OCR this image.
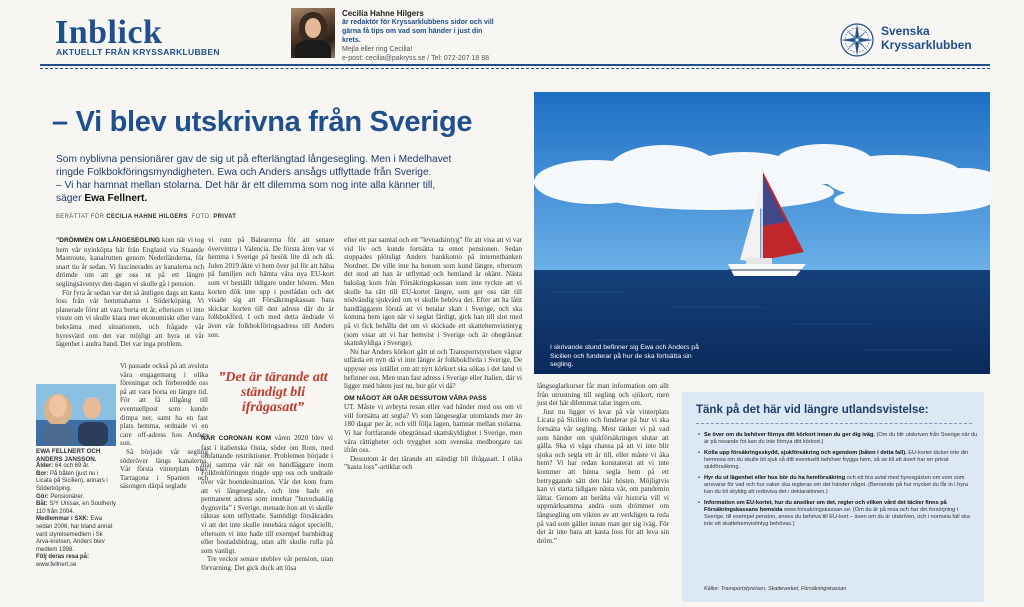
Inblick
AKTUELLT FRÅN KRYSSARKLUBBEN
Cecilia Hahne Hilgers
är redaktör för Kryssarklubbens sidor och vill
gärna få tips om vad som händer i just din krets.
Mejla eller ring Cecilia!
e-post: cecilia@pakryss.se / Tel: 072-207 18 88
Svenska
Kryssarklubben
– Vi blev utskrivna från Sverige
Som nyblivna pensionärer gav de sig ut på efterlängtad långesegling. Men i Medelhavet
ringde Folkbokföringsmyndigheten. Ewa och Anders ansågs utflyttade från Sverige.
– Vi har hamnat mellan stolarna. Det här är ett dilemma som nog inte alla känner till,
säger Ewa Fellnert.
BERÄTTAT FÖR CECILIA HAHNE HILGERS FOTO: PRIVAT
I skrivande stund befinner sig Ewa och Anders på Sicilien och funderar på hur de ska fortsätta sin segling.

”DRÖMMEN OM LÅNGESEGLING kom när vi tog hem vår nyinköpta båt från England via Staande Mastroute, kanalrutten genom Nederländerna, för snart tio år sedan. Vi fascinerades av kanalerna och drömde om att ge oss ut på ett längre seglingsäventyr den dagen vi skulle gå i pension.

För fyra år sedan var det så äntligen dags att kasta loss från vår hemmahamn i Söderköping. Vi planerade först att vara borta ett år, eftersom vi inte visste om vi skulle klara mer ekonomiskt eller vara bekväma med situationen, och frågade vår hyresvärd om det var möjligt att hyra ut vår lägenhet i andra hand. Det var inga problem.

EWA FELLNERT OCH ANDERS JANSSON.
Ålder: 64 och 69 år.
Bor: På båten (just nu i Licata på Sicilien), annars i Söderköping.
Gör: Pensionärer.
Båt: S/Y Unisax, en Southerly 110 från 2004.
Medlemmar i SXK: Ewa sedan 2006, har bland annat varit styrelsemedlem i Sk Arva-kretsen, Anders blev medlem 1998.
Följ deras resa på:
www.fellnert.se

Vi passade också på att avsluta våra engagemang i olika föreningar och förberedde oss på att vara borta en längre tid. För att få tillgång till eventuellpost som kunde dimpa ner, samt ha en fast plats hemma, ordnade vi en care off-adress hos Anders son.

Så började vår segling söderöver längs kanalerna. Vår första vinterplats blev Tarragona i Spanien och säsongen därpå seglade

vi runt på Balearerna för att senare övervintra i Valencia. De första åren var vi hemma i Sverige på besök lite då och då. Julen 2019 åkte vi hem över jul för att hälsa på familjen och hämta våra nya EU-kort som vi beställt tidigare under hösten. Men korten dök inte upp i postlådan och det visade sig att Försäkringskassan bara skickar korten till den adress där du är folkbokförd. I och med detta ändrade vi även vår folkbokföringsadress till Anders son.

”Det är tärande att ständigt bli ifrågasatt”

NÄR CORONAN KOM våren 2020 blev vi fast i italienska Ostia, söder om Rom, med omfattande restriktioner. Problemen började i maj samma vår när en handläggare inom Folkbokföringen ringde upp oss och undrade över vår boendesituation. Vår det kom fram att vi långeseglade, och inte hade en permanent adress som innebar ”huvudsaklig dygnsvila” i Sverige, menade hon att vi skulle räknas som utflyttade. Samtidigt försäkrades vi att det inte skulle innebära något speciellt, eftersom vi inte hade till exempel barnbidrag eller bostadsbidrag, utan allt skulle rulla på som vanligt.

Tre veckor senare uteblev vår pension, utan förvarning. Det gick dock att lösa

efter ett par samtal och ett ”levnadsintyg” för att visa att vi var vid liv och kunde fortsätta ta emot pensionen. Sedan stoppades plötsligt Anders bankkonto på internetbanken Nordnet. De ville inte ha honom som kund längre, eftersom det stod att han är utflyttad och hemland är okänt. Nästa bakslag kom från Försäkringskassan som inte tyckte att vi skulle ha rätt till EU-kortet längre, som ger oss rätt till nödvändig sjukvård om vi skulle behöva det. Efter att ha låtit handläggaren förstå att vi betalar skatt i Sverige, och ska komma hem igen när vi seglat färdigt, gick han till slut med på vi fick behålla det om vi skickade ett skattehemvistintyg (som visar att vi har hemvist i Sverige och är obegränsat skattskyldiga i Sverige).

Nu har Anders körkort gått ut och Transportstyrelsen vägrar utfärda ett nytt då vi inte längre är folkbokförda i Sverige. De uppyser oss istället om att nytt körkort ska sökas i det land vi befinner oss. Men utan fast adress i Sverige eller Italien, där vi ligger med båten just nu, bur gör vi då?

OM NÅGOT ÄR GÅR DESSUTOM VÅRA PASS

UT. Måste vi avbryta resan eller vad händer med oss om vi vill fortsätta att segla? Vi som långeseglar utomlands mer än 180 dagar per år, och vill följa lagen, hamnar mellan stolarna. Vi har fortfarande obegränsad skattskyldighet i Sverige, men våra rättigheter och trygghet som svenska medborgare tas ifrån oss.

Dessutom är det tärande att ständigt bli ifrågasatt. I olika ”kasta loss”-artiklar och

långseglarkurser får man information om allt från utrustning till segling och sjökort, men just det här dilemmat talar ingen om.

Just nu ligger vi kvar på vår vinterplats Licata på Sicilien och funderar på hur vi ska fortsätta vår segling. Mest tänker vi på vad som händer om sjukförsäkringen slutar att gälla. Ska vi våga chansa på att vi inte blir sjuka och segla ett år till, eller måste vi åka hem? Vi har redan konstaterat att vi inte kommer att hinna segla hem på ett betryggande sätt den här hösten. Möjligtvis kan vi starta tidigare nästa vår, om pandemin lättar. Genom att berätta vår historia vill vi uppmärksamma andra som drömmer om långsegling om vikten av att verkligen ta reda på vad som gäller innan man ger sig iväg. För det är inte bara att kasta loss för att leva sin dröm.”

Tänk på det här vid längre utlandsvistelse:
• Se över om du behöver förnya ditt körkort innan du ger dig iväg. (Om du blir utskriven från Sverige när du är på resande fot kan du inte förnya ditt körkort.)
• Kolla upp försäkringsskydd, sjukförsäkring och egendom (båten i detta fall). EU-kortet täcker inte din hemresa om du skulle bli sjuk så ditt eventuellt behöver frygga hem, så se till att ävert har en privat sjukförsäkring.
• Hyr du ut lägenhet eller hus bör du ha hemförsäkring och ett bra avtal med hyresgästen om vem som ansvarar för vad och hur saker ska regleras om det händer något. (Beroende på hur mycket du får in i hyra kan du bli skyldig att redovisa det i deklarationen.)
• Information om EU-kortet, hur du ansöker om det, regler och vilken vård det täcker finns på Försäkringskassans hemsida www.forsakringskassan.se. (Om du är på resa och har din forsörjning i Sverige, till exempel pension, anses du behöva till EU-kort – även om du är utskriven, och i normala fall ska inte ett skattehemvistintyg behövas.)
Källor: Transportstyrelsen, Skatteverket, Försäkringskassan
